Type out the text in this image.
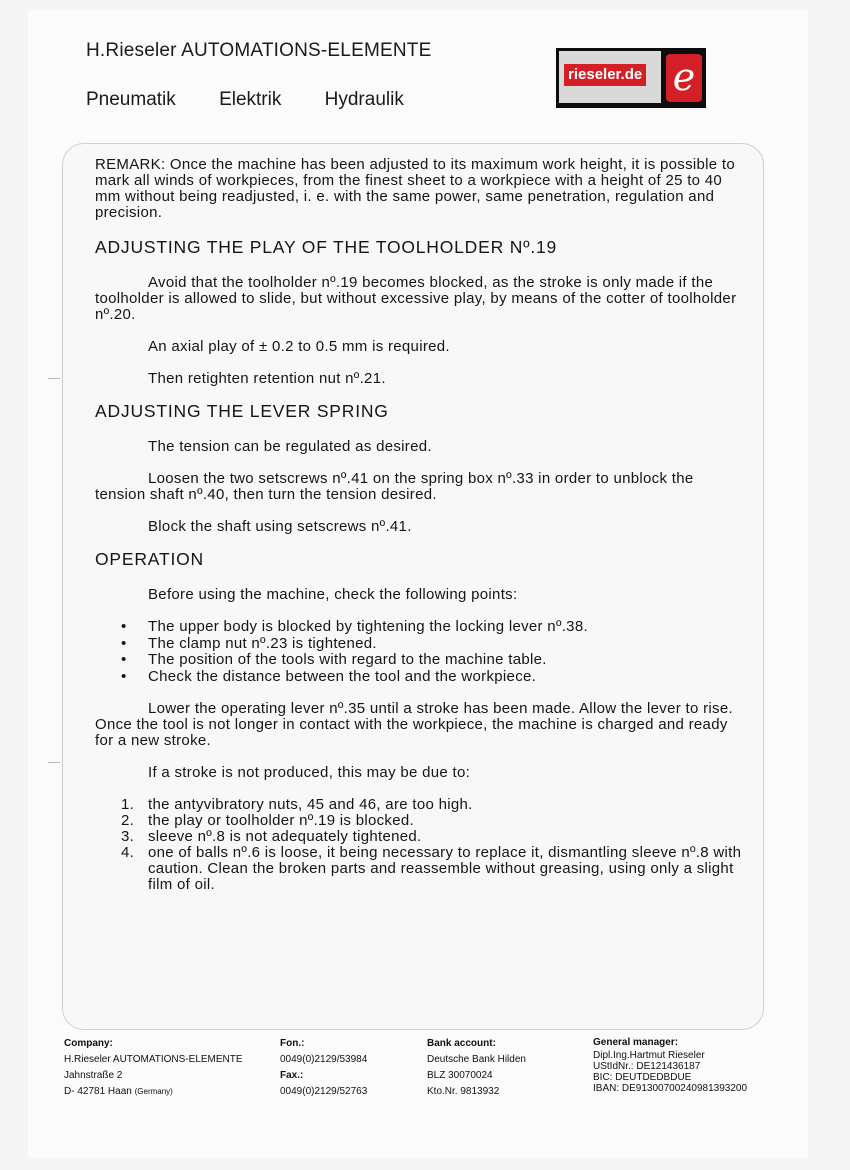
H.Rieseler AUTOMATIONS-ELEMENTE
Pneumatik Elektrik Hydraulik
rieseler.de e

REMARK: Once the machine has been adjusted to its maximum work height, it is possible to mark all winds of workpieces, from the finest sheet to a workpiece with a height of 25 to 40 mm without being readjusted, i. e. with the same power, same penetration, regulation and precision.

ADJUSTING THE PLAY OF THE TOOLHOLDER Nº.19

Avoid that the toolholder nº.19 becomes blocked, as the stroke is only made if the toolholder is allowed to slide, but without excessive play, by means of the cotter of toolholder nº.20.

An axial play of ± 0.2 to 0.5 mm is required.

Then retighten retention nut nº.21.

ADJUSTING THE LEVER SPRING

The tension can be regulated as desired.

Loosen the two setscrews nº.41 on the spring box nº.33 in order to unblock the tension shaft nº.40, then turn the tension desired.

Block the shaft using setscrews nº.41.

OPERATION

Before using the machine, check the following points:

• The upper body is blocked by tightening the locking lever nº.38.
• The clamp nut nº.23 is tightened.
• The position of the tools with regard to the machine table.
• Check the distance between the tool and the workpiece.

Lower the operating lever nº.35 until a stroke has been made. Allow the lever to rise. Once the tool is not longer in contact with the workpiece, the machine is charged and ready for a new stroke.

If a stroke is not produced, this may be due to:

1. the antyvibratory nuts, 45 and 46, are too high.
2. the play or toolholder nº.19 is blocked.
3. sleeve nº.8 is not adequately tightened.
4. one of balls nº.6 is loose, it being necessary to replace it, dismantling sleeve nº.8 with caution. Clean the broken parts and reassemble without greasing, using only a slight film of oil.
Company:
H.Rieseler AUTOMATIONS-ELEMENTE
Jahnstraße 2
D- 42781 Haan (Germany)
Fon.:
0049(0)2129/53984
Fax.:
0049(0)2129/52763
Bank account:
Deutsche Bank Hilden
BLZ 30070024
Kto.Nr. 9813932
General manager:
Dipl.Ing.Hartmut Rieseler
UStIdNr.: DE121436187
BIC: DEUTDEDBDUE
IBAN: DE91300700240981393200
